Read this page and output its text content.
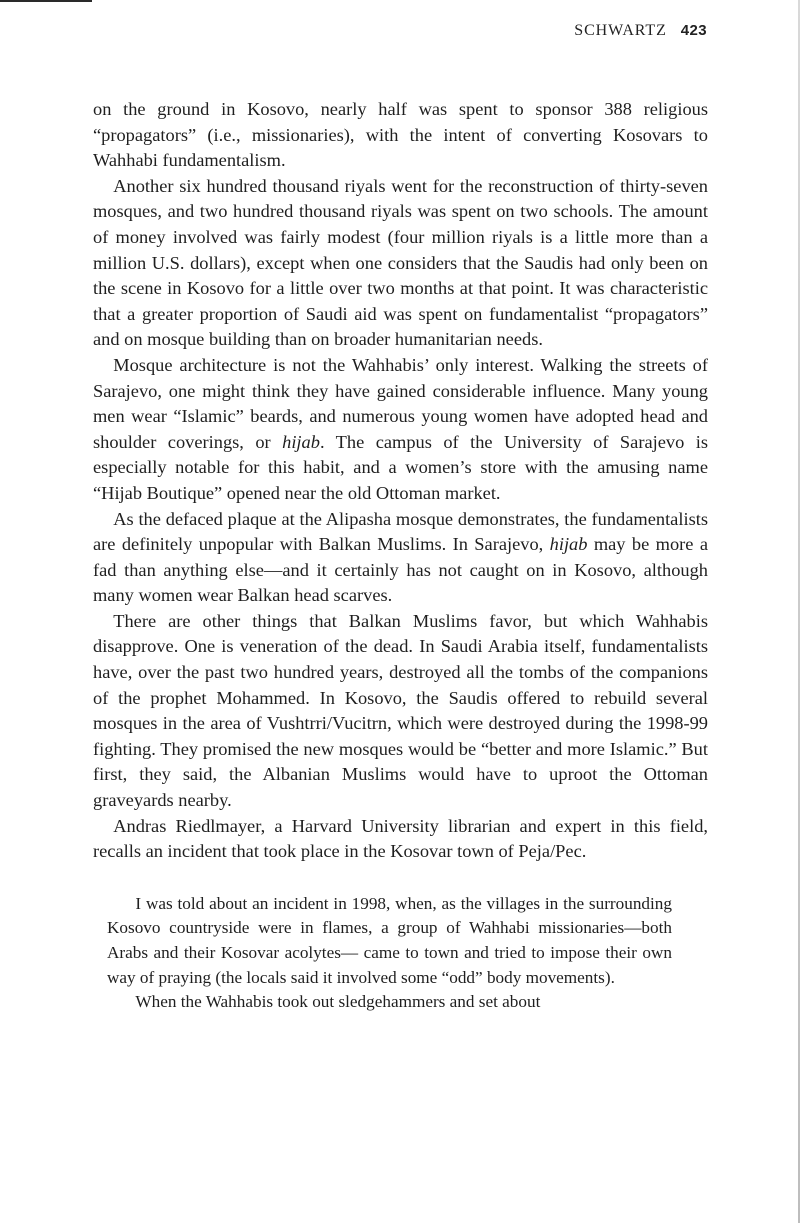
SCHWARTZ 423

on the ground in Kosovo, nearly half was spent to sponsor 388 religious “propagators” (i.e., missionaries), with the intent of converting Kosovars to Wahhabi fundamentalism.

Another six hundred thousand riyals went for the reconstruction of thirty-seven mosques, and two hundred thousand riyals was spent on two schools. The amount of money involved was fairly modest (four million riyals is a little more than a million U.S. dollars), except when one considers that the Saudis had only been on the scene in Kosovo for a little over two months at that point. It was characteristic that a greater proportion of Saudi aid was spent on fundamentalist “propagators” and on mosque building than on broader humanitarian needs.

Mosque architecture is not the Wahhabis’ only interest. Walking the streets of Sarajevo, one might think they have gained considerable influence. Many young men wear “Islamic” beards, and numerous young women have adopted head and shoulder coverings, or hijab. The campus of the University of Sarajevo is especially notable for this habit, and a women’s store with the amusing name “Hijab Boutique” opened near the old Ottoman market.

As the defaced plaque at the Alipasha mosque demonstrates, the fundamentalists are definitely unpopular with Balkan Muslims. In Sarajevo, hijab may be more a fad than anything else—and it certainly has not caught on in Kosovo, although many women wear Balkan head scarves.

There are other things that Balkan Muslims favor, but which Wahhabis disapprove. One is veneration of the dead. In Saudi Arabia itself, fundamentalists have, over the past two hundred years, destroyed all the tombs of the companions of the prophet Mohammed. In Kosovo, the Saudis offered to rebuild several mosques in the area of Vushtrri/Vucitrn, which were destroyed during the 1998-99 fighting. They promised the new mosques would be “better and more Islamic.” But first, they said, the Albanian Muslims would have to uproot the Ottoman graveyards nearby.

Andras Riedlmayer, a Harvard University librarian and expert in this field, recalls an incident that took place in the Kosovar town of Peja/Pec.

I was told about an incident in 1998, when, as the villages in the surrounding Kosovo countryside were in flames, a group of Wahhabi missionaries—both Arabs and their Kosovar acolytes— came to town and tried to impose their own way of praying (the locals said it involved some “odd” body movements).

When the Wahhabis took out sledgehammers and set about
